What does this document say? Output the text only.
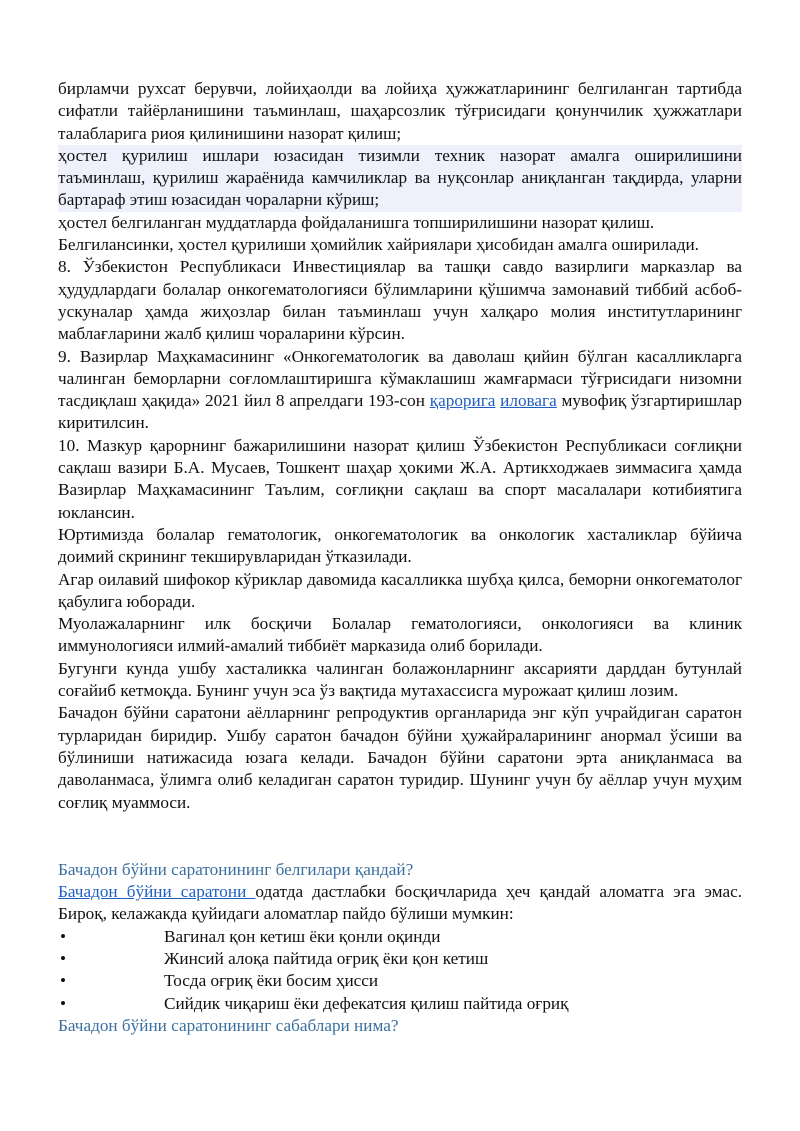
бирламчи рухсат берувчи, лойиҳаолди ва лойиҳа ҳужжатларининг белгиланган тартибда сифатли тайёрланишини таъминлаш, шаҳарсозлик тўғрисидаги қонунчилик ҳужжатлари талабларига риоя қилинишини назорат қилиш;

ҳостел қурилиш ишлари юзасидан тизимли техник назорат амалга оширилишини таъминлаш, қурилиш жараёнида камчиликлар ва нуқсонлар аниқланган тақдирда, уларни бартараф этиш юзасидан чораларни кўриш;

ҳостел белгиланган муддатларда фойдаланишга топширилишини назорат қилиш.

Белгилансинки, ҳостел қурилиши ҳомийлик хайриялари ҳисобидан амалга оширилади.

8. Ўзбекистон Республикаси Инвестициялар ва ташқи савдо вазирлиги марказлар ва ҳудудлардаги болалар онкогематологияси бўлимларини қўшимча замонавий тиббий асбоб-ускуналар ҳамда жиҳозлар билан таъминлаш учун халқаро молия институтларининг маблағларини жалб қилиш чораларини кўрсин.

9. Вазирлар Маҳкамасининг «Онкогематологик ва даволаш қийин бўлган касалликларга чалинган беморларни соғломлаштиришга кўмаклашиш жамғармаси тўғрисидаги низомни тасдиқлаш ҳақида» 2021 йил 8 апрелдаги 193-сон қарорига иловага мувофиқ ўзгартиришлар киритилсин.

10. Мазкур қарорнинг бажарилишини назорат қилиш Ўзбекистон Республикаси соғлиқни сақлаш вазири Б.А. Мусаев, Тошкент шаҳар ҳокими Ж.А. Артикходжаев зиммасига ҳамда Вазирлар Маҳкамасининг Таълим, соғлиқни сақлаш ва спорт масалалари котибиятига юклансин.

Юртимизда болалар гематологик, онкогематологик ва онкологик хасталиклар бўйича доимий скрининг текширувларидан ўтказилади.

Агар оилавий шифокор кўриклар давомида касалликка шубҳа қилса, беморни онкогематолог қабулига юборади.

Муолажаларнинг илк босқичи Болалар гематологияси, онкологияси ва клиник иммунологияси илмий-амалий тиббиёт марказида олиб борилади.

Бугунги кунда ушбу хасталикка чалинган болажонларнинг аксарияти дарддан бутунлай соғайиб кетмоқда. Бунинг учун эса ўз вақтида мутахассисга мурожаат қилиш лозим.

Бачадон бўйни саратони аёлларнинг репродуктив органларида энг кўп учрайдиган саратон турларидан биридир. Ушбу саратон бачадон бўйни ҳужайраларининг анормал ўсиши ва бўлиниши натижасида юзага келади. Бачадон бўйни саратони эрта аниқланмаса ва даволанмаса, ўлимга олиб келадиган саратон туридир. Шунинг учун бу аёллар учун муҳим соғлиқ муаммоси.

Бачадон бўйни саратонининг белгилари қандай?

Бачадон бўйни саратони одатда дастлабки босқичларида ҳеч қандай аломатга эга эмас. Бироқ, келажакда қуйидаги аломатлар пайдо бўлиши мумкин:

•	Вагинал қон кетиш ёки қонли оқинди
•	Жинсий алоқа пайтида оғриқ ёки қон кетиш
•	Тосда оғриқ ёки босим ҳисси
•	Сийдик чиқариш ёки дефекатсия қилиш пайтида оғриқ

Бачадон бўйни саратонининг сабаблари нима?
